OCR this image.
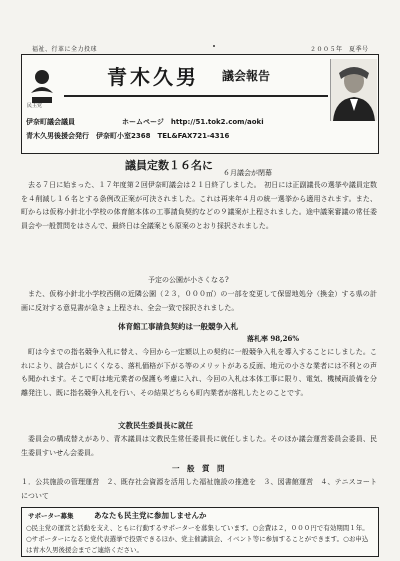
福祉、行革に全力投球	２００５年　夏季号
民主党
青木久男 議会報告
伊奈町議会議員	ホームページ　http://51.tok2.com/aoki
青木久男後援会発行　伊奈町小室2368　TEL&FAX721-4316
議員定数１６名に
６月議会が閉幕
去る７日に始まった、１７年度第２回伊奈町議会は２１日終了しました。　初日には正副議長の選挙や議員定数を４削減し１６名とする条例改正案が可決されました。これは再来年４月の統一選挙から適用されます。また、町からは仮称小針北小学校の体育館本体の工事請負契約などの９議案が上程されました。途中議案審議の常任委員会や一般質問をはさんで、最終日は全議案とも原案のとおり採択されました。
予定の公園が小さくなる?
また、仮称小針北小学校西側の近隣公園（２３，０００㎡）の一部を変更して保留地処分（換金）する県の計画に反対する意見書が急きょ上程され、全会一致で採択されました。
体育館工事請負契約は一般競争入札
落札率 98,26%
町は今までの指名競争入札に替え、今回から一定額以上の契約に一般競争入札を導入することにしました。これにより、談合がしにくくなる、落札価格が下がる等のメリットがある反面、地元の小さな業者には不利との声も聞かれます。そこで町は地元業者の保護も考慮に入れ、今回の入札は本体工事に限り、電気、機械両設備を分離発注し、既に指名競争入札を行い、その結果どちらも町内業者が落札したとのことです。
文教民生委員長に就任
委員会の構成替えがあり、青木議員は文教民生常任委員長に就任しました。そのほか議会運営委員会委員、民生委員すいせん会委員。
一　般　質　問
１．公共施設の管理運営　２、既存社会資源を活用した福祉施設の推進を　３、図書館運営　４、テニスコートについて
サポーター募集	あなたも民主党に参加しませんか
○民主党の運営と活動を支え、ともに行動するサポーターを募集しています。○会費は２，０００円で有効期間１年。○サポーターになると党代表選挙で投票できるほか、党主催講演会、イベント等に参加することができます。○お申込は青木久男後援会までご連絡ください。
